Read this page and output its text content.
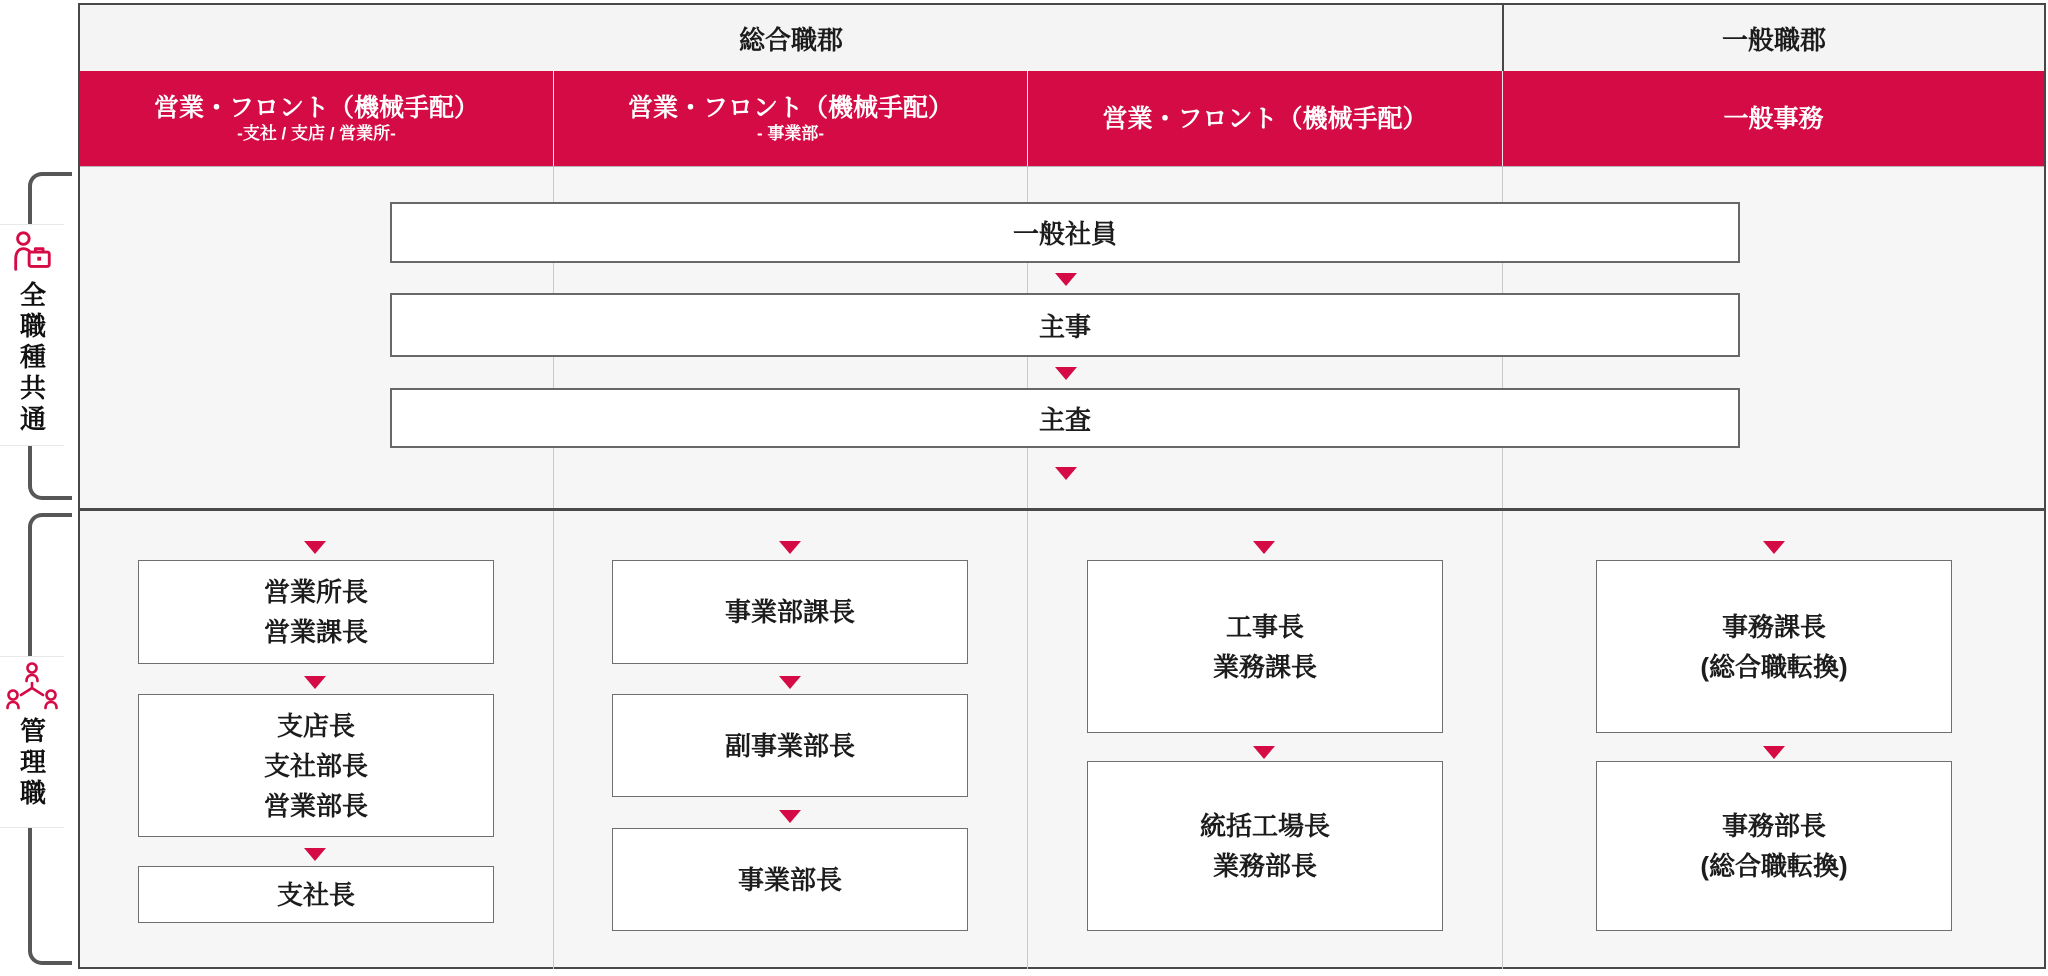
総合職郡	一般職郡
営業・フロント（機械手配）
-支社 / 支店 / 営業所-
営業・フロント（機械手配）
- 事業部-
営業・フロント（機械手配）	一般事務
一般社員
主事
主査
営業所長
営業課長
支店長
支社部長
営業部長
支社長
事業部課長
副事業部長
事業部長
工事長
業務課長
統括工場長
業務部長
事務課長
(総合職転換)
事務部長
(総合職転換)
全職種共通
管理職
